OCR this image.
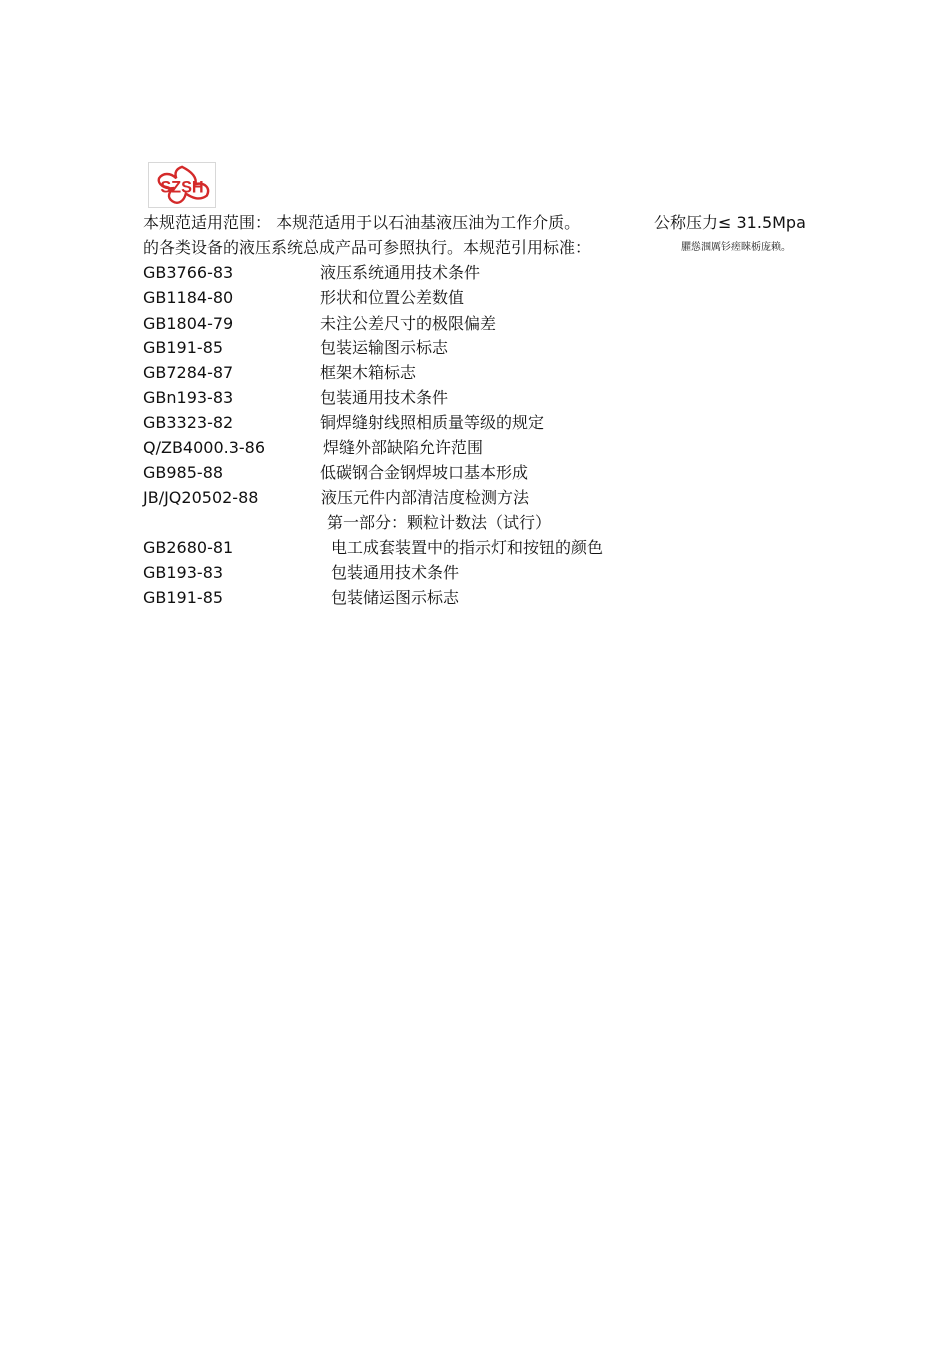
SZSH
本规范适用范围： 本规范适用于以石油基液压油为工作介质。	公称压力≤ 31.5Mpa
的各类设备的液压系统总成产品可参照执行。本规范引用标准：	臞慫涠厲钐瘥睞栃庞赖。
GB3766-83	液压系统通用技术条件
GB1184-80	形状和位置公差数值
GB1804-79	未注公差尺寸的极限偏差
GB191-85	包装运输图示标志
GB7284-87	框架木箱标志
GBn193-83	包装通用技术条件
GB3323-82	铜焊缝射线照相质量等级的规定
Q/ZB4000.3-86	焊缝外部缺陷允许范围
GB985-88	低碳钢合金钢焊坡口基本形成
JB/JQ20502-88	液压元件内部清洁度检测方法
第一部分：颗粒计数法（试行）
GB2680-81	电工成套装置中的指示灯和按钮的颜色
GB193-83	包装通用技术条件
GB191-85	包装储运图示标志
